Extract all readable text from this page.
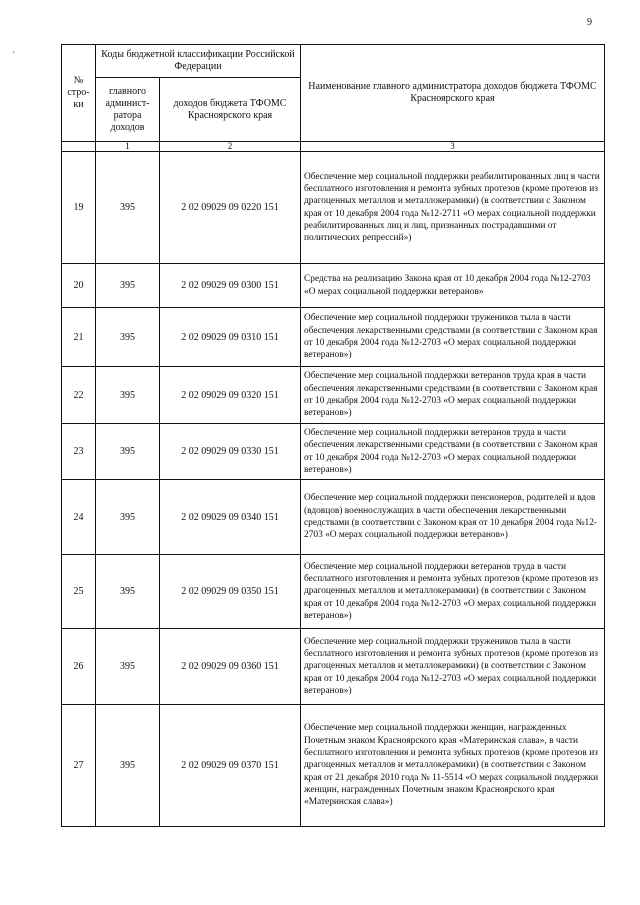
9
'
№ стро-ки	Коды бюджетной классификации Российской Федерации		Наименование главного администратора доходов бюджета ТФОМС Красноярского края
	главного админист-ратора доходов	доходов бюджета ТФОМС Красноярского края	
	1	2	3
19	395	2 02 09029 09 0220 151	Обеспечение мер социальной поддержки реабилитированных лиц в части бесплатного изготовления и ремонта зубных протезов (кроме протезов из драгоценных металлов и металлокерамики) (в соответствии с Законом края от 10 декабря 2004 года №12-2711 «О мерах социальной поддержки реабилитированных лиц и лиц, признанных пострадавшими от политических репрессий»)
20	395	2 02 09029 09 0300 151	Средства на реализацию Закона края от 10 декабря 2004 года №12-2703 «О мерах социальной поддержки ветеранов»
21	395	2 02 09029 09 0310 151	Обеспечение мер социальной поддержки тружеников тыла в части обеспечения лекарственными средствами (в соответствии с Законом края от 10 декабря 2004 года №12-2703 «О мерах социальной поддержки ветеранов»)
22	395	2 02 09029 09 0320 151	Обеспечение мер социальной поддержки ветеранов труда края в части обеспечения лекарственными средствами (в соответствии с Законом края от 10 декабря 2004 года №12-2703 «О мерах социальной поддержки ветеранов»)
23	395	2 02 09029 09 0330 151	Обеспечение мер социальной поддержки ветеранов труда в части обеспечения лекарственными средствами (в соответствии с Законом края от 10 декабря 2004 года №12-2703 «О мерах социальной поддержки ветеранов»)
24	395	2 02 09029 09 0340 151	Обеспечение мер социальной поддержки пенсионеров, родителей и вдов (вдовцов) военнослужащих в части обеспечения лекарственными средствами (в соответствии с Законом края от 10 декабря 2004 года №12-2703 «О мерах социальной поддержки ветеранов»)
25	395	2 02 09029 09 0350 151	Обеспечение мер социальной поддержки ветеранов труда в части бесплатного изготовления и ремонта зубных протезов (кроме протезов из драгоценных металлов и металлокерамики) (в соответствии с Законом края от 10 декабря 2004 года №12-2703 «О мерах социальной поддержки ветеранов»)
26	395	2 02 09029 09 0360 151	Обеспечение мер социальной поддержки тружеников тыла в части бесплатного изготовления и ремонта зубных протезов (кроме протезов из драгоценных металлов и металлокерамики) (в соответствии с Законом края от 10 декабря 2004 года №12-2703 «О мерах социальной поддержки ветеранов»)
27	395	2 02 09029 09 0370 151	Обеспечение мер социальной поддержки женщин, награжденных Почетным знаком Красноярского края «Материнская слава», в части бесплатного изготовления и ремонта зубных протезов (кроме протезов из драгоценных металлов и металлокерамики) (в соответствии с Законом края от 21 декабря 2010 года № 11-5514 «О мерах социальной поддержки женщин, награжденных Почетным знаком Красноярского края «Материнская слава»)
